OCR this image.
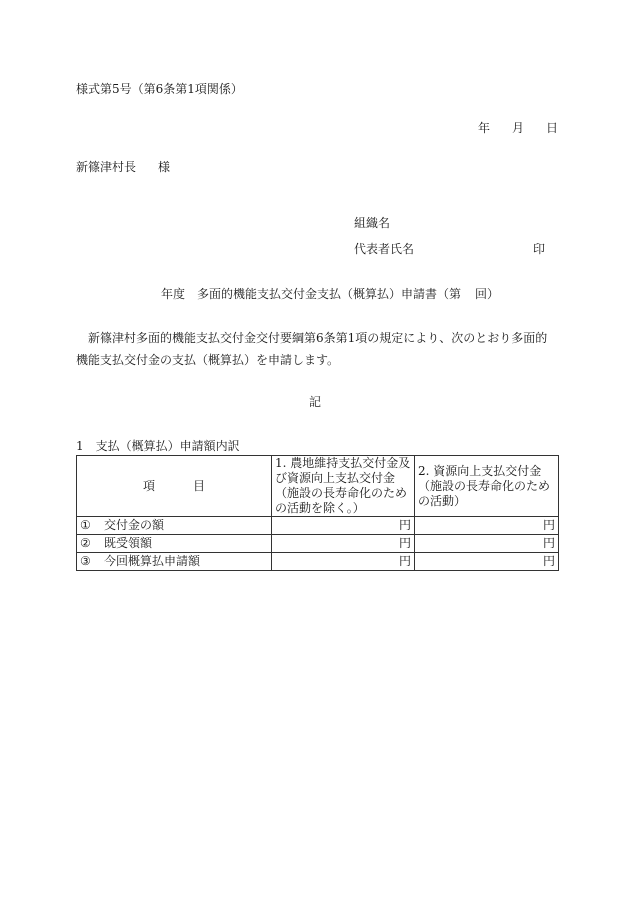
様式第5号（第6条第1項関係）
年 月 日
新篠津村長 様
組織名
代表者氏名	印
年度 多面的機能支払交付金支払（概算払）申請書（第 回）
新篠津村多面的機能支払交付金交付要綱第6条第1項の規定により、次のとおり多面的機能支払交付金の支払（概算払）を申請します。
記
1　支払（概算払）申請額内訳
項 目	1. 農地維持支払交付金及び資源向上支払交付金（施設の長寿命化のための活動を除く。）	2. 資源向上支払交付金（施設の長寿命化のための活動）
① 交付金の額	円	円
② 既受領額	円	円
③ 今回概算払申請額	円	円
